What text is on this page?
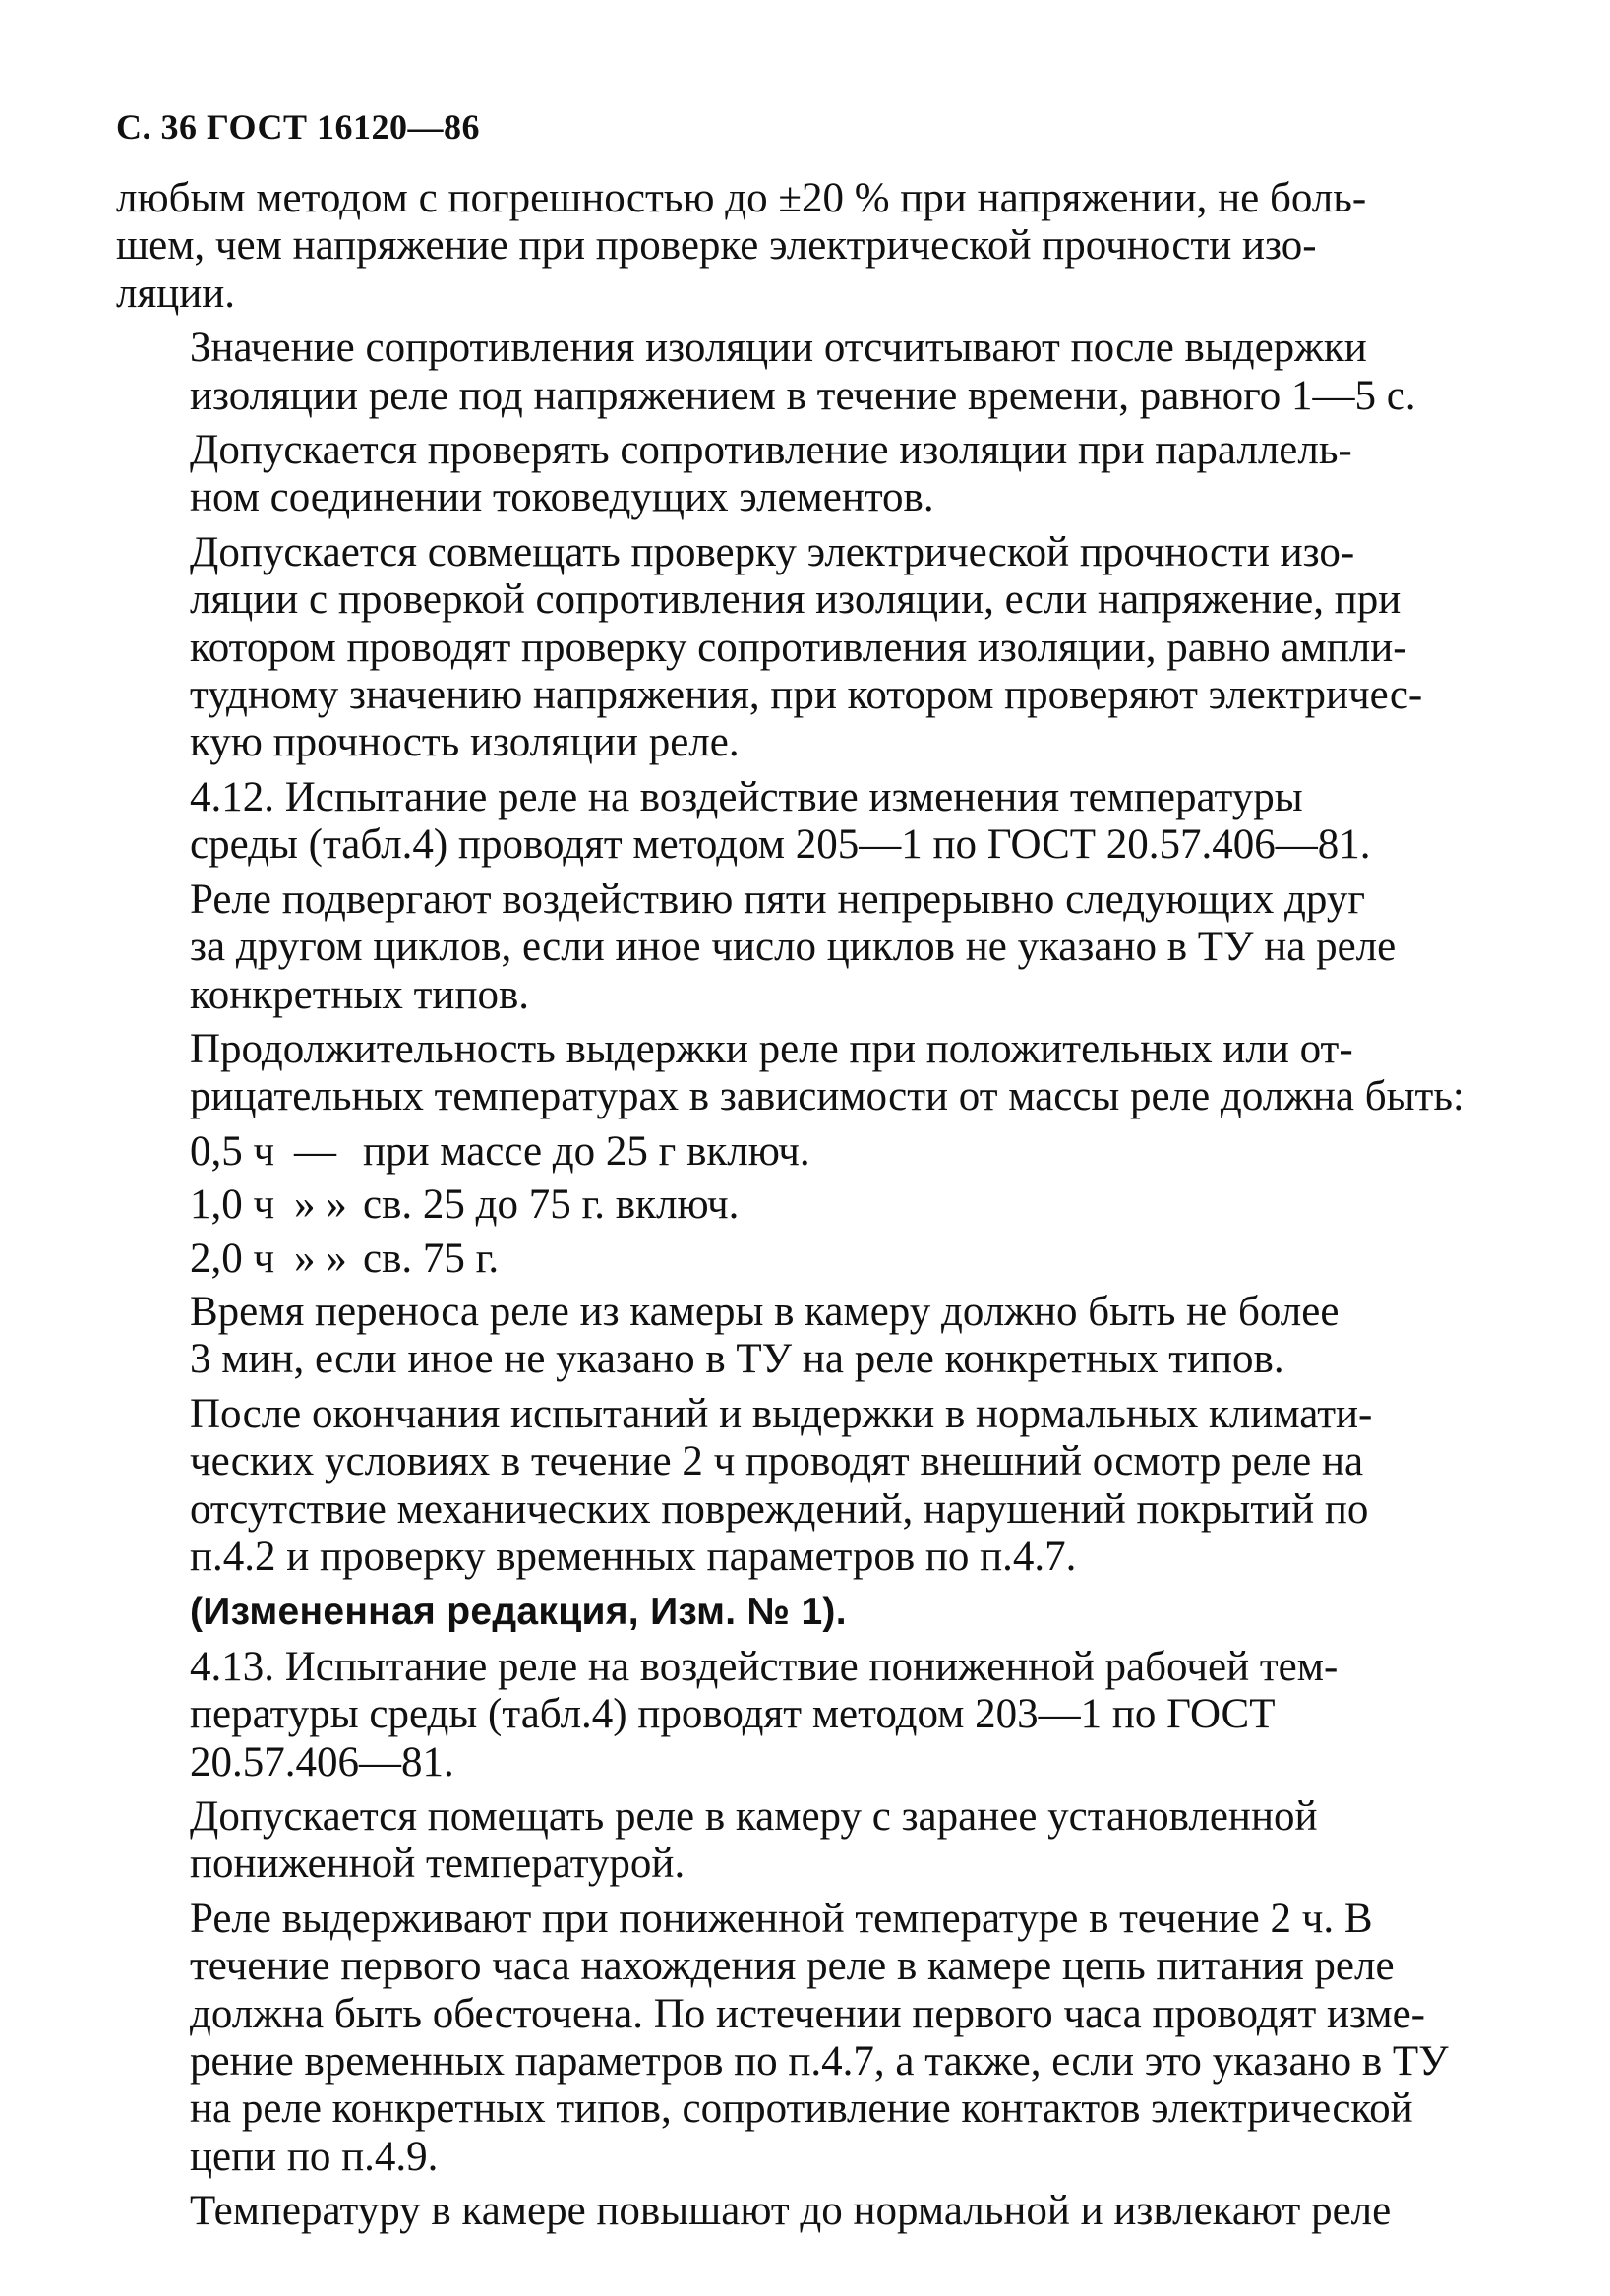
С. 36 ГОСТ 16120—86

любым методом с погрешностью до ±20 % при напряжении, не боль-
шем, чем напряжение при проверке электрической прочности изо-
ляции.

Значение сопротивления изоляции отсчитывают после выдержки
изоляции реле под напряжением в течение времени, равного 1—5 с.

Допускается проверять сопротивление изоляции при параллель-
ном соединении токоведущих элементов.

Допускается совмещать проверку электрической прочности изо-
ляции с проверкой сопротивления изоляции, если напряжение, при
котором проводят проверку сопротивления изоляции, равно ампли-
тудному значению напряжения, при котором проверяют электричес-
кую прочность изоляции реле.

4.12. Испытание реле на воздействие изменения температуры
среды (табл.4) проводят методом 205—1 по ГОСТ 20.57.406—81.

Реле подвергают воздействию пяти непрерывно следующих друг
за другом циклов, если иное число циклов не указано в ТУ на реле
конкретных типов.

Продолжительность выдержки реле при положительных или от-
рицательных температурах в зависимости от массы реле должна быть:

0,5 ч — при массе до 25 г включ.
1,0 ч » » св. 25 до 75 г. включ.
2,0 ч » » св. 75 г.

Время переноса реле из камеры в камеру должно быть не более
3 мин, если иное не указано в ТУ на реле конкретных типов.

После окончания испытаний и выдержки в нормальных климати-
ческих условиях в течение 2 ч проводят внешний осмотр реле на
отсутствие механических повреждений, нарушений покрытий по
п.4.2 и проверку временных параметров по п.4.7.

(Измененная редакция, Изм. № 1).

4.13. Испытание реле на воздействие пониженной рабочей тем-
пературы среды (табл.4) проводят методом 203—1 по ГОСТ
20.57.406—81.

Допускается помещать реле в камеру с заранее установленной
пониженной температурой.

Реле выдерживают при пониженной температуре в течение 2 ч. В
течение первого часа нахождения реле в камере цепь питания реле
должна быть обесточена. По истечении первого часа проводят изме-
рение временных параметров по п.4.7, а также, если это указано в ТУ
на реле конкретных типов, сопротивление контактов электрической
цепи по п.4.9.

Температуру в камере повышают до нормальной и извлекают реле
